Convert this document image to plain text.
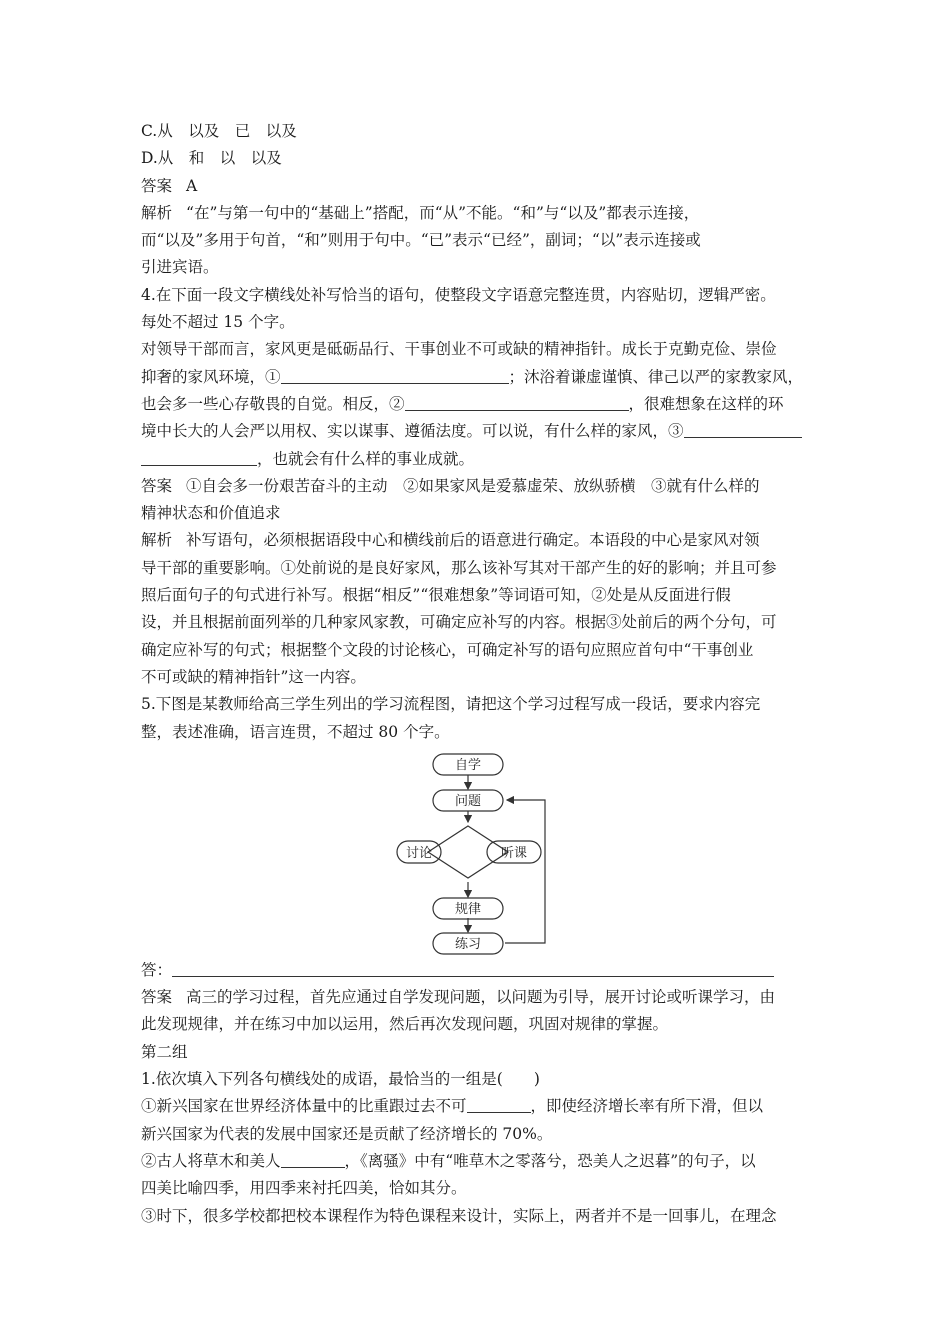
C.从　以及　已　以及
D.从　和　以　以及
答案 A
解析 “在”与第一句中的“基础上”搭配，而“从”不能。“和”与“以及”都表示连接，
而“以及”多用于句首，“和”则用于句中。“已”表示“已经”，副词；“以”表示连接或
引进宾语。
4.在下面一段文字横线处补写恰当的语句，使整段文字语意完整连贯，内容贴切，逻辑严密。
每处不超过 15 个字。
对领导干部而言，家风更是砥砺品行、干事创业不可或缺的精神指针。成长于克勤克俭、崇俭
抑奢的家风环境，①	；沐浴着谦虚谨慎、律己以严的家教家风，
也会多一些心存敬畏的自觉。相反，②	，很难想象在这样的环
境中长大的人会严以用权、实以谋事、遵循法度。可以说，有什么样的家风，③
，也就会有什么样的事业成就。
答案 ①自会多一份艰苦奋斗的主动　②如果家风是爱慕虚荣、放纵骄横　③就有什么样的
精神状态和价值追求
解析 补写语句，必须根据语段中心和横线前后的语意进行确定。本语段的中心是家风对领
导干部的重要影响。①处前说的是良好家风，那么该补写其对干部产生的好的影响；并且可参
照后面句子的句式进行补写。根据“相反”“很难想象”等词语可知，②处是从反面进行假
设，并且根据前面列举的几种家风家教，可确定应补写的内容。根据③处前后的两个分句，可
确定应补写的句式；根据整个文段的讨论核心，可确定补写的语句应照应首句中“干事创业
不可或缺的精神指针”这一内容。
5.下图是某教师给高三学生列出的学习流程图，请把这个学习过程写成一段话，要求内容完
整，表述准确，语言连贯，不超过 80 个字。
自学
问题
讨论	听课
规律
练习
答：
答案 高三的学习过程，首先应通过自学发现问题，以问题为引导，展开讨论或听课学习，由
此发现规律，并在练习中加以运用，然后再次发现问题，巩固对规律的掌握。
第二组
1.依次填入下列各句横线处的成语，最恰当的一组是(　　)
①新兴国家在世界经济体量中的比重跟过去不可	，即使经济增长率有所下滑，但以
新兴国家为代表的发展中国家还是贡献了经济增长的 70%。
②古人将草木和美人	，《离骚》中有“唯草木之零落兮，恐美人之迟暮”的句子，以
四美比喻四季，用四季来衬托四美，恰如其分。
③时下，很多学校都把校本课程作为特色课程来设计，实际上，两者并不是一回事儿，在理念
